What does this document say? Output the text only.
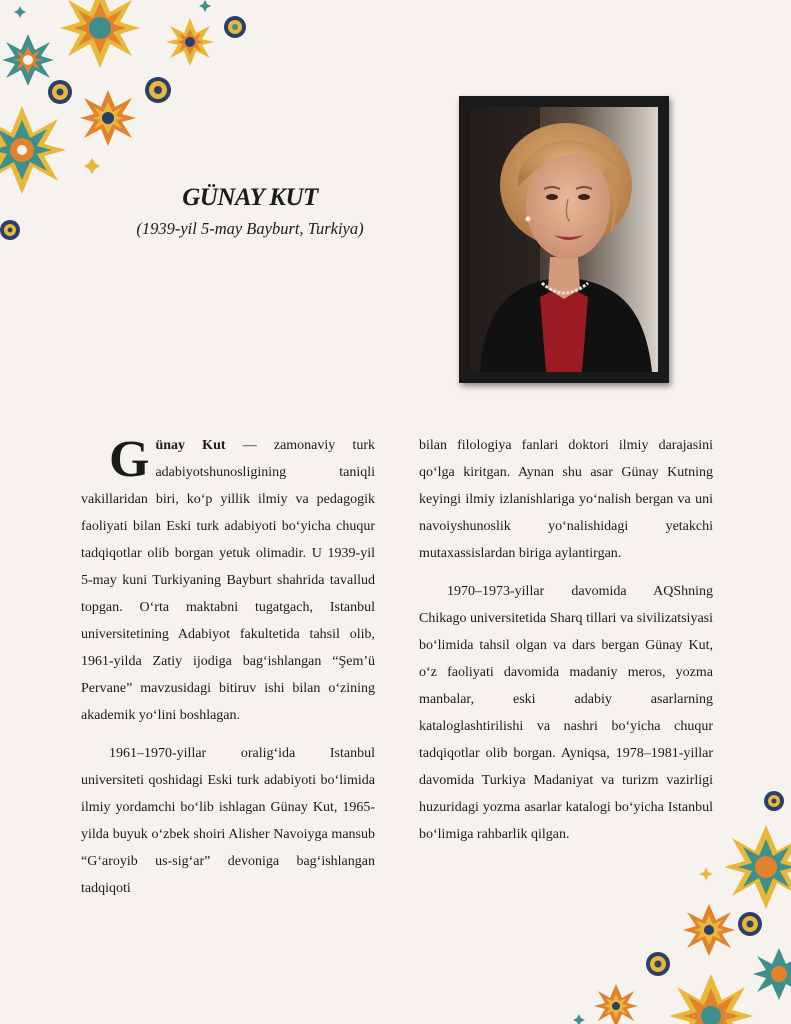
GÜNAY KUT
(1939-yil 5-may Bayburt, Turkiya)

Günay Kut — zamonaviy turk adabiyotshunosligining taniqli vakillaridan biri, ko‘p yillik ilmiy va pedagogik faoliyati bilan Eski turk adabiyoti bo‘yicha chuqur tadqiqotlar olib borgan yetuk olimadir. U 1939-yil 5-may kuni Turkiyaning Bayburt shahrida tavallud topgan. O‘rta maktabni tugatgach, Istanbul universitetining Adabiyot fakultetida tahsil olib, 1961-yilda Zatiy ijodiga bag‘ishlangan “Şem’ü Pervane” mavzusidagi bitiruv ishi bilan o‘zining akademik yo‘lini boshlagan.

1961–1970-yillar oralig‘ida Istanbul universiteti qoshidagi Eski turk adabiyoti bo‘limida ilmiy yordamchi bo‘lib ishlagan Günay Kut, 1965-yilda buyuk o‘zbek shoiri Alisher Navoiyga mansub “G‘aroyib us-sig‘ar” devoniga bag‘ishlangan tadqiqoti

bilan filologiya fanlari doktori ilmiy darajasini qo‘lga kiritgan. Aynan shu asar Günay Kutning keyingi ilmiy izlanishlariga yo‘nalish bergan va uni navoiyshunoslik yo‘nalishidagi yetakchi mutaxassislardan biriga aylantirgan.

1970–1973-yillar davomida AQShning Chikago universitetida Sharq tillari va sivilizatsiyasi bo‘limida tahsil olgan va dars bergan Günay Kut, o‘z faoliyati davomida madaniy meros, yozma manbalar, eski adabiy asarlarning kataloglashtirilishi va nashri bo‘yicha chuqur tadqiqotlar olib borgan. Ayniqsa, 1978–1981-yillar davomida Turkiya Madaniyat va turizm vazirligi huzuridagi yozma asarlar katalogi bo‘yicha Istanbul bo‘limiga rahbarlik qilgan.
